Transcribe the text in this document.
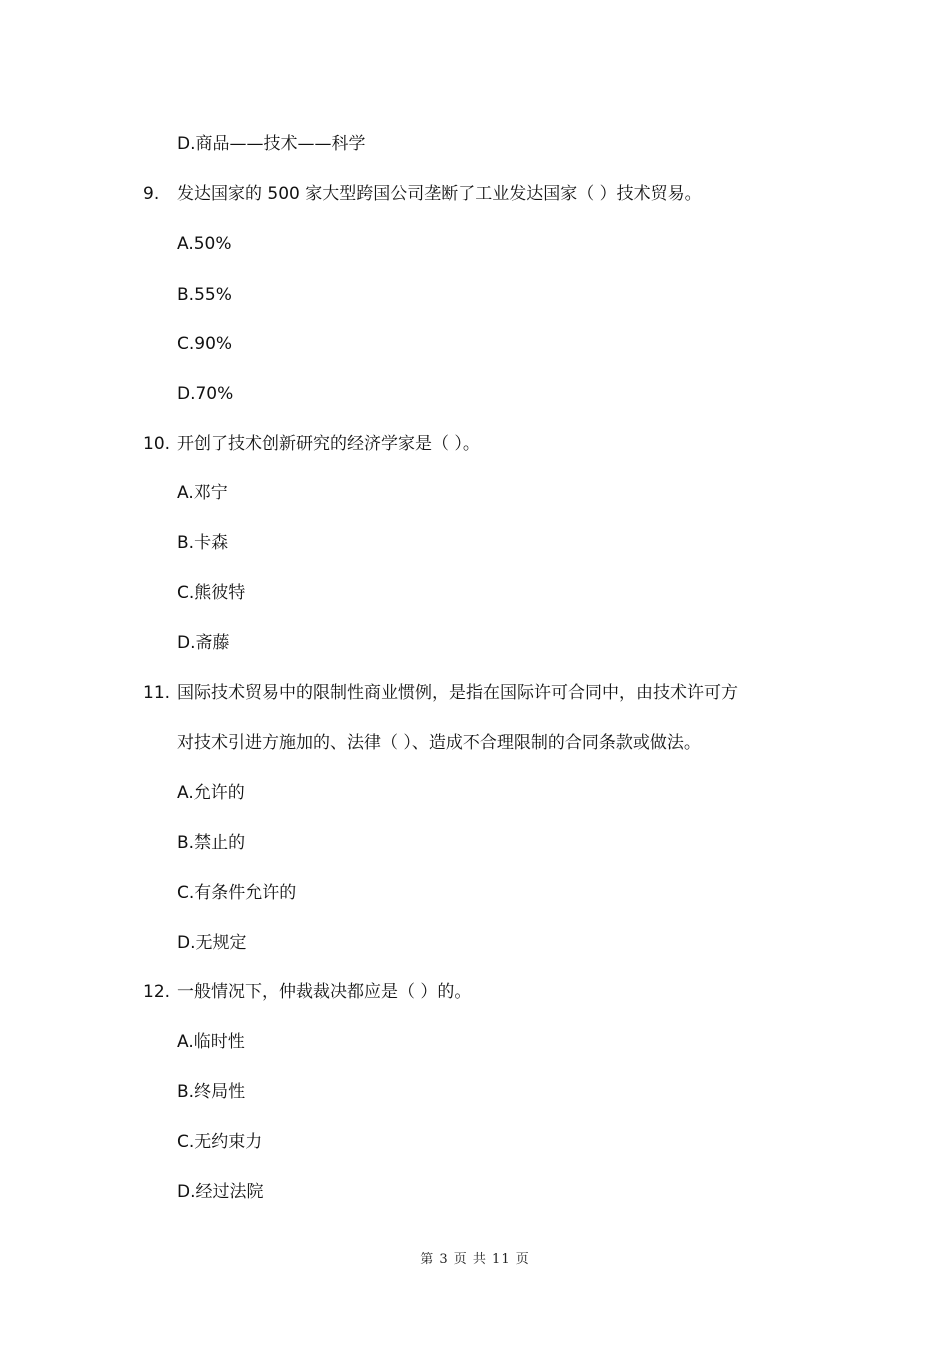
D.商品——技术——科学
9. 发达国家的 500 家大型跨国公司垄断了工业发达国家（ ）技术贸易。
A.50%
B.55%
C.90%
D.70%
10. 开创了技术创新研究的经济学家是（ ）。
A.邓宁
B.卡森
C.熊彼特
D.斋藤
11. 国际技术贸易中的限制性商业惯例，是指在国际许可合同中，由技术许可方
对技术引进方施加的、法律（ ）、造成不合理限制的合同条款或做法。
A.允许的
B.禁止的
C.有条件允许的
D.无规定
12. 一般情况下，仲裁裁决都应是（ ）的。
A.临时性
B.终局性
C.无约束力
D.经过法院
第 3 页 共 11 页
